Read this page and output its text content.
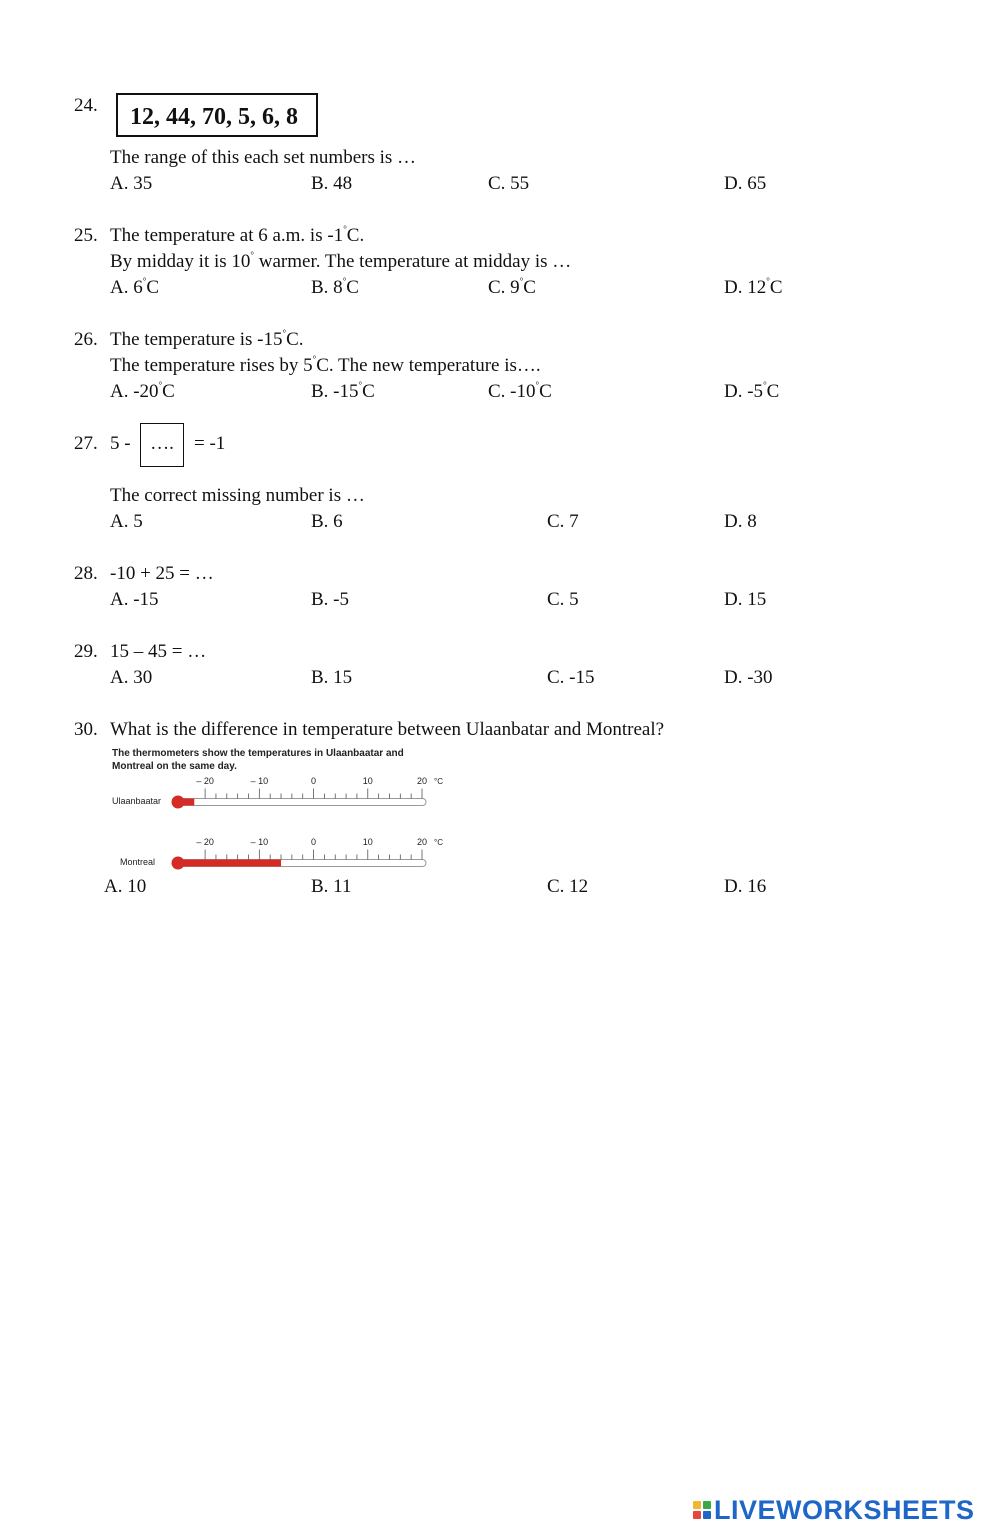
24.	12, 44, 70, 5, 6, 8
The range of this each set numbers is …
A. 35	B. 48	C. 55	D. 65
25. The temperature at 6 a.m. is -1°C.
By midday it is 10° warmer. The temperature at midday is …
A. 6°C	B. 8°C	C. 9°C	D. 12°C
26. The temperature is -15°C.
The temperature rises by 5°C. The new temperature is….
A. -20°C	B. -15°C	C. -10°C	D. -5°C
27. 5 -	….	= -1
The correct missing number is …
A. 5	B. 6	C. 7	D. 8
28. -10 + 25 = …
A. -15	B. -5	C. 5	D. 15
29. 15 – 45 = …
A. 30	B. 15	C. -15	D. -30
30. What is the difference in temperature between Ulaanbatar and Montreal?
The thermometers show the temperatures in Ulaanbaatar and
Montreal on the same day.
– 20	– 10	0	10	20 °C
– 20	– 10	0	10	20 °C
A. 10	B. 11	C. 12	D. 16
LIVEWORKSHEETS
Ulaanbaatar
Montreal
